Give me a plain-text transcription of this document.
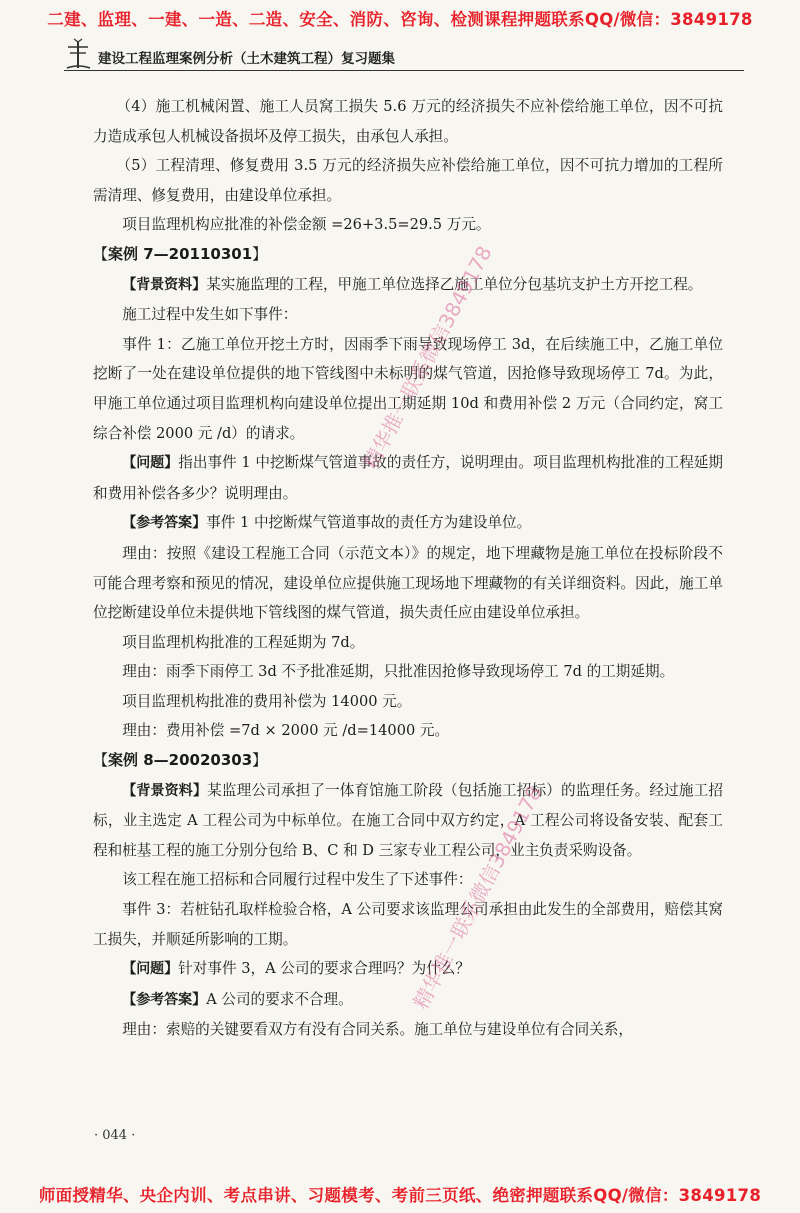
二建、监理、一建、一造、二造、安全、消防、咨询、检测课程押题联系QQ/微信：3849178
建设工程监理案例分析（土木建筑工程）复习题集

（4）施工机械闲置、施工人员窝工损失 5.6 万元的经济损失不应补偿给施工单位，因不可抗力造成承包人机械设备损坏及停工损失，由承包人承担。

（5）工程清理、修复费用 3.5 万元的经济损失应补偿给施工单位，因不可抗力增加的工程所需清理、修复费用，由建设单位承担。

项目监理机构应批准的补偿金额 =26+3.5=29.5 万元。

【案例 7—20110301】

【背景资料】某实施监理的工程，甲施工单位选择乙施工单位分包基坑支护土方开挖工程。

施工过程中发生如下事件：

事件 1：乙施工单位开挖土方时，因雨季下雨导致现场停工 3d，在后续施工中，乙施工单位挖断了一处在建设单位提供的地下管线图中未标明的煤气管道，因抢修导致现场停工 7d。为此，甲施工单位通过项目监理机构向建设单位提出工期延期 10d 和费用补偿 2 万元（合同约定，窝工综合补偿 2000 元 /d）的请求。

【问题】指出事件 1 中挖断煤气管道事故的责任方，说明理由。项目监理机构批准的工程延期和费用补偿各多少？说明理由。

【参考答案】事件 1 中挖断煤气管道事故的责任方为建设单位。

理由：按照《建设工程施工合同（示范文本）》的规定，地下埋藏物是施工单位在投标阶段不可能合理考察和预见的情况，建设单位应提供施工现场地下埋藏物的有关详细资料。因此，施工单位挖断建设单位未提供地下管线图的煤气管道，损失责任应由建设单位承担。

项目监理机构批准的工程延期为 7d。

理由：雨季下雨停工 3d 不予批准延期，只批准因抢修导致现场停工 7d 的工期延期。

项目监理机构批准的费用补偿为 14000 元。

理由：费用补偿 =7d × 2000 元 /d=14000 元。

【案例 8—20020303】

【背景资料】某监理公司承担了一体育馆施工阶段（包括施工招标）的监理任务。经过施工招标，业主选定 A 工程公司为中标单位。在施工合同中双方约定，A 工程公司将设备安装、配套工程和桩基工程的施工分别分包给 B、C 和 D 三家专业工程公司，业主负责采购设备。

该工程在施工招标和合同履行过程中发生了下述事件：

事件 3：若桩钻孔取样检验合格，A 公司要求该监理公司承担由此发生的全部费用，赔偿其窝工损失，并顺延所影响的工期。

【问题】针对事件 3，A 公司的要求合理吗？为什么？

【参考答案】A 公司的要求不合理。

理由：索赔的关键要看双方有没有合同关系。施工单位与建设单位有合同关系，

精华推一联系微信3849178
精华推一联系微信3849178
· 044 ·
师面授精华、央企内训、考点串讲、习题模考、考前三页纸、绝密押题联系QQ/微信：3849178
